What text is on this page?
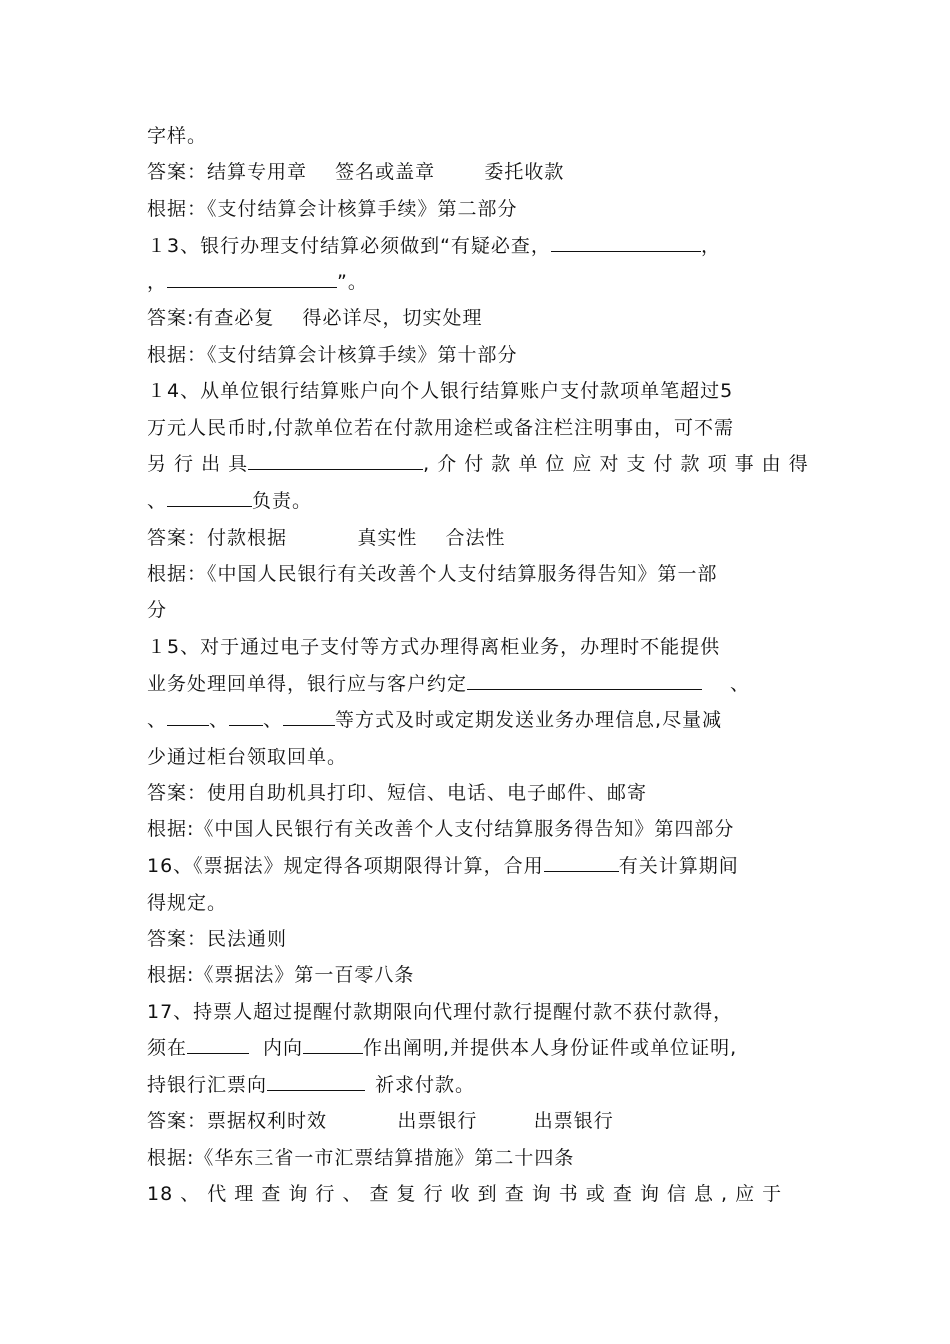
字样。
答案：结算专用章    签名或盖章       委托收款
根据：《支付结算会计核算手续》第二部分
１3、银行办理支付结算必须做到“有疑必查，	，
，	”。
答案:有查必复    得必详尽，切实处理
根据：《支付结算会计核算手续》第十部分
１4、从单位银行结算账户向个人银行结算账户支付款项单笔超过5
万元人民币时,付款单位若在付款用途栏或备注栏注明事由，可不需
另 行 出 具	, 介 付 款 单 位 应 对 支 付 款 项 事 由 得
、	负责。
答案：付款根据          真实性    合法性
根据：《中国人民银行有关改善个人支付结算服务得告知》第一部
分
１5、对于通过电子支付等方式办理得离柜业务，办理时不能提供
业务处理回单得，银行应与客户约定	、
、 、 、	等方式及时或定期发送业务办理信息,尽量减
少通过柜台领取回单。
答案：使用自助机具打印、短信、电话、电子邮件、邮寄
根据:《中国人民银行有关改善个人支付结算服务得告知》第四部分
16、《票据法》规定得各项期限得计算，合用	有关计算期间
得规定。
答案：民法通则
根据:《票据法》第一百零八条
17、持票人超过提醒付款期限向代理付款行提醒付款不获付款得，
须在	内向	作出阐明,并提供本人身份证件或单位证明,
持银行汇票向	祈求付款。
答案：票据权利时效          出票银行        出票银行
根据:《华东三省一市汇票结算措施》第二十四条
18 、 代 理 查 询 行 、 查 复 行 收 到 查 询 书 或 查 询 信 息 , 应 于
